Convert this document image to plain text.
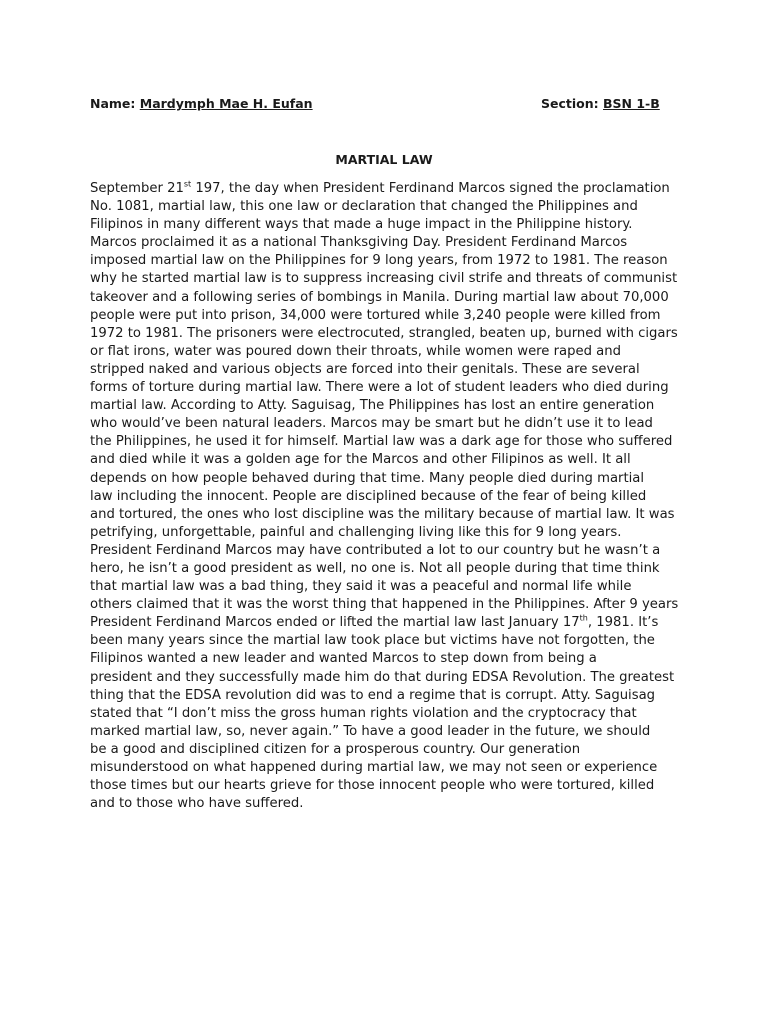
Name: Mardymph Mae H. Eufan	Section: BSN 1-B
MARTIAL LAW
September 21st 197, the day when President Ferdinand Marcos signed the proclamation
No. 1081, martial law, this one law or declaration that changed the Philippines and
Filipinos in many different ways that made a huge impact in the Philippine history.
Marcos proclaimed it as a national Thanksgiving Day. President Ferdinand Marcos
imposed martial law on the Philippines for 9 long years, from 1972 to 1981. The reason
why he started martial law is to suppress increasing civil strife and threats of communist
takeover and a following series of bombings in Manila. During martial law about 70,000
people were put into prison, 34,000 were tortured while 3,240 people were killed from
1972 to 1981. The prisoners were electrocuted, strangled, beaten up, burned with cigars
or flat irons, water was poured down their throats, while women were raped and
stripped naked and various objects are forced into their genitals. These are several
forms of torture during martial law. There were a lot of student leaders who died during
martial law. According to Atty. Saguisag, The Philippines has lost an entire generation
who would’ve been natural leaders. Marcos may be smart but he didn’t use it to lead
the Philippines, he used it for himself. Martial law was a dark age for those who suffered
and died while it was a golden age for the Marcos and other Filipinos as well. It all
depends on how people behaved during that time. Many people died during martial
law including the innocent. People are disciplined because of the fear of being killed
and tortured, the ones who lost discipline was the military because of martial law. It was
petrifying, unforgettable, painful and challenging living like this for 9 long years.
President Ferdinand Marcos may have contributed a lot to our country but he wasn’t a
hero, he isn’t a good president as well, no one is. Not all people during that time think
that martial law was a bad thing, they said it was a peaceful and normal life while
others claimed that it was the worst thing that happened in the Philippines. After 9 years
President Ferdinand Marcos ended or lifted the martial law last January 17th, 1981. It’s
been many years since the martial law took place but victims have not forgotten, the
Filipinos wanted a new leader and wanted Marcos to step down from being a
president and they successfully made him do that during EDSA Revolution. The greatest
thing that the EDSA revolution did was to end a regime that is corrupt. Atty. Saguisag
stated that “I don’t miss the gross human rights violation and the cryptocracy that
marked martial law, so, never again.” To have a good leader in the future, we should
be a good and disciplined citizen for a prosperous country. Our generation
misunderstood on what happened during martial law, we may not seen or experience
those times but our hearts grieve for those innocent people who were tortured, killed
and to those who have suffered.
